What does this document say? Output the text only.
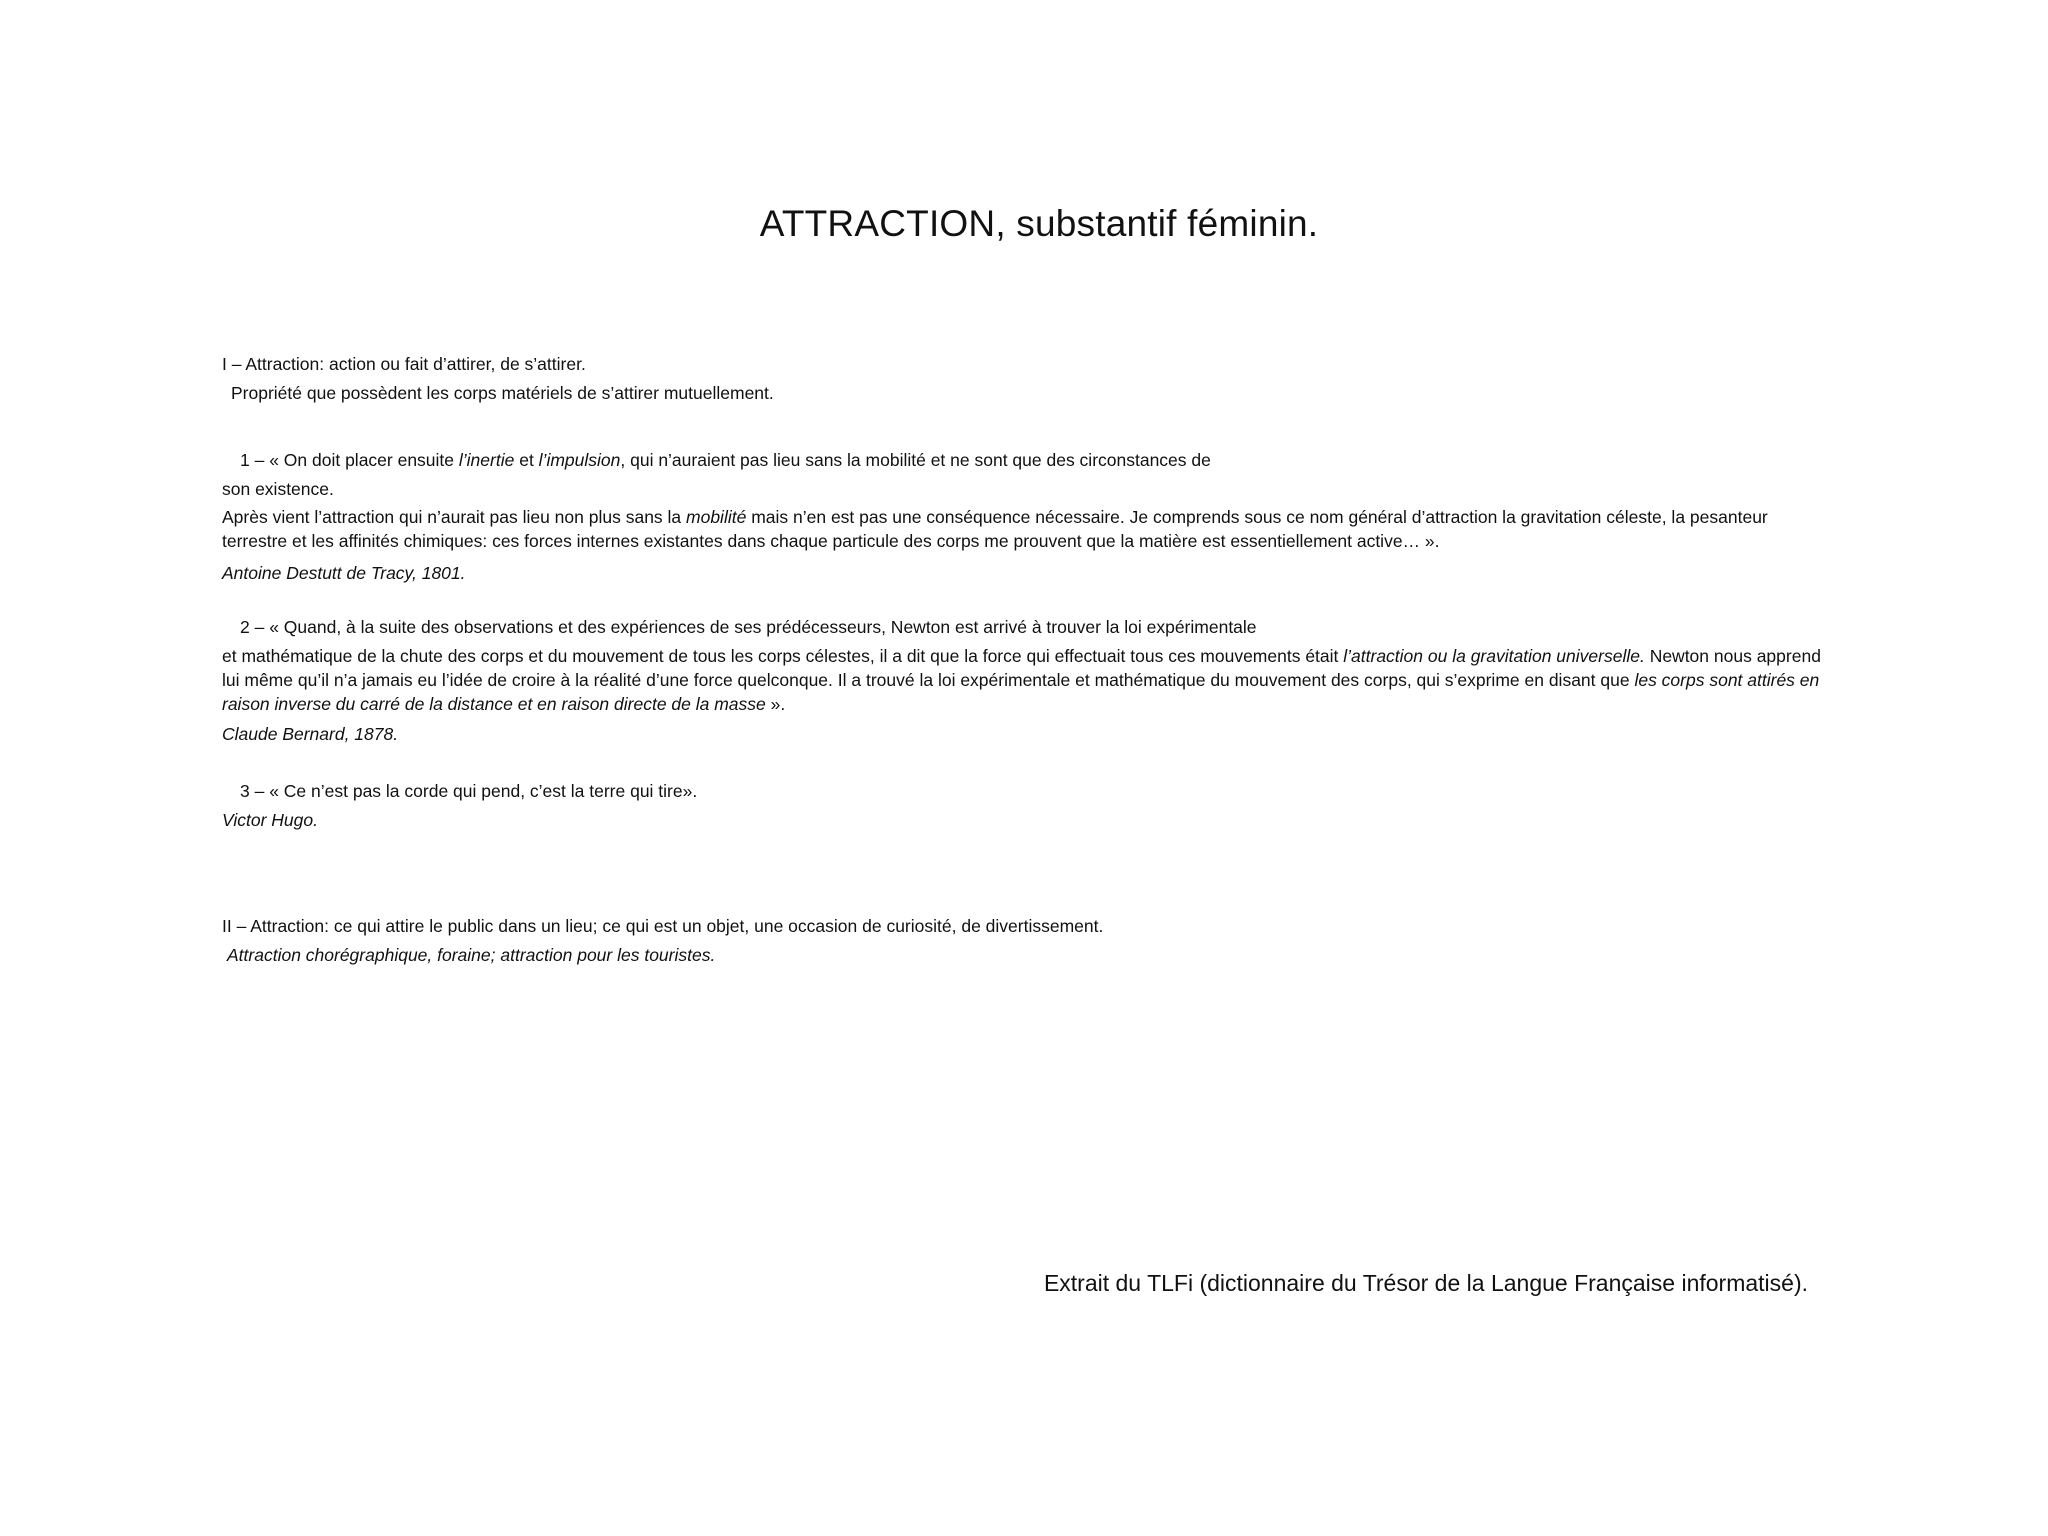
ATTRACTION, substantif féminin.

I – Attraction: action ou fait d’attirer, de s’attirer.

Propriété que possèdent les corps matériels de s’attirer mutuellement.

1 – « On doit placer ensuite l’inertie et l’impulsion, qui n’auraient pas lieu sans la mobilité et ne sont que des circonstances de

son existence.

Après vient l’attraction qui n’aurait pas lieu non plus sans la mobilité mais n’en est pas une conséquence nécessaire. Je comprends sous ce nom général d’attraction la gravitation céleste, la pesanteur terrestre et les affinités chimiques: ces forces internes existantes dans chaque particule des corps me prouvent que la matière est essentiellement active… ».

Antoine Destutt de Tracy, 1801.

2 – « Quand, à la suite des observations et des expériences de ses prédécesseurs, Newton est arrivé à trouver la loi expérimentale

et mathématique de la chute des corps et du mouvement de tous les corps célestes, il a dit que la force qui effectuait tous ces mouvements était l’attraction ou la gravitation universelle. Newton nous apprend lui même qu’il n’a jamais eu l’idée de croire à la réalité d’une force quelconque. Il a trouvé la loi expérimentale et mathématique du mouvement des corps, qui s’exprime en disant que les corps sont attirés en raison inverse du carré de la distance et en raison directe de la masse ».

Claude Bernard, 1878.

3 – « Ce n’est pas la corde qui pend, c’est la terre qui tire».

Victor Hugo.

II – Attraction: ce qui attire le public dans un lieu; ce qui est un objet, une occasion de curiosité, de divertissement.

Attraction chorégraphique, foraine; attraction pour les touristes.

Extrait du TLFi (dictionnaire du Trésor de la Langue Française informatisé).
